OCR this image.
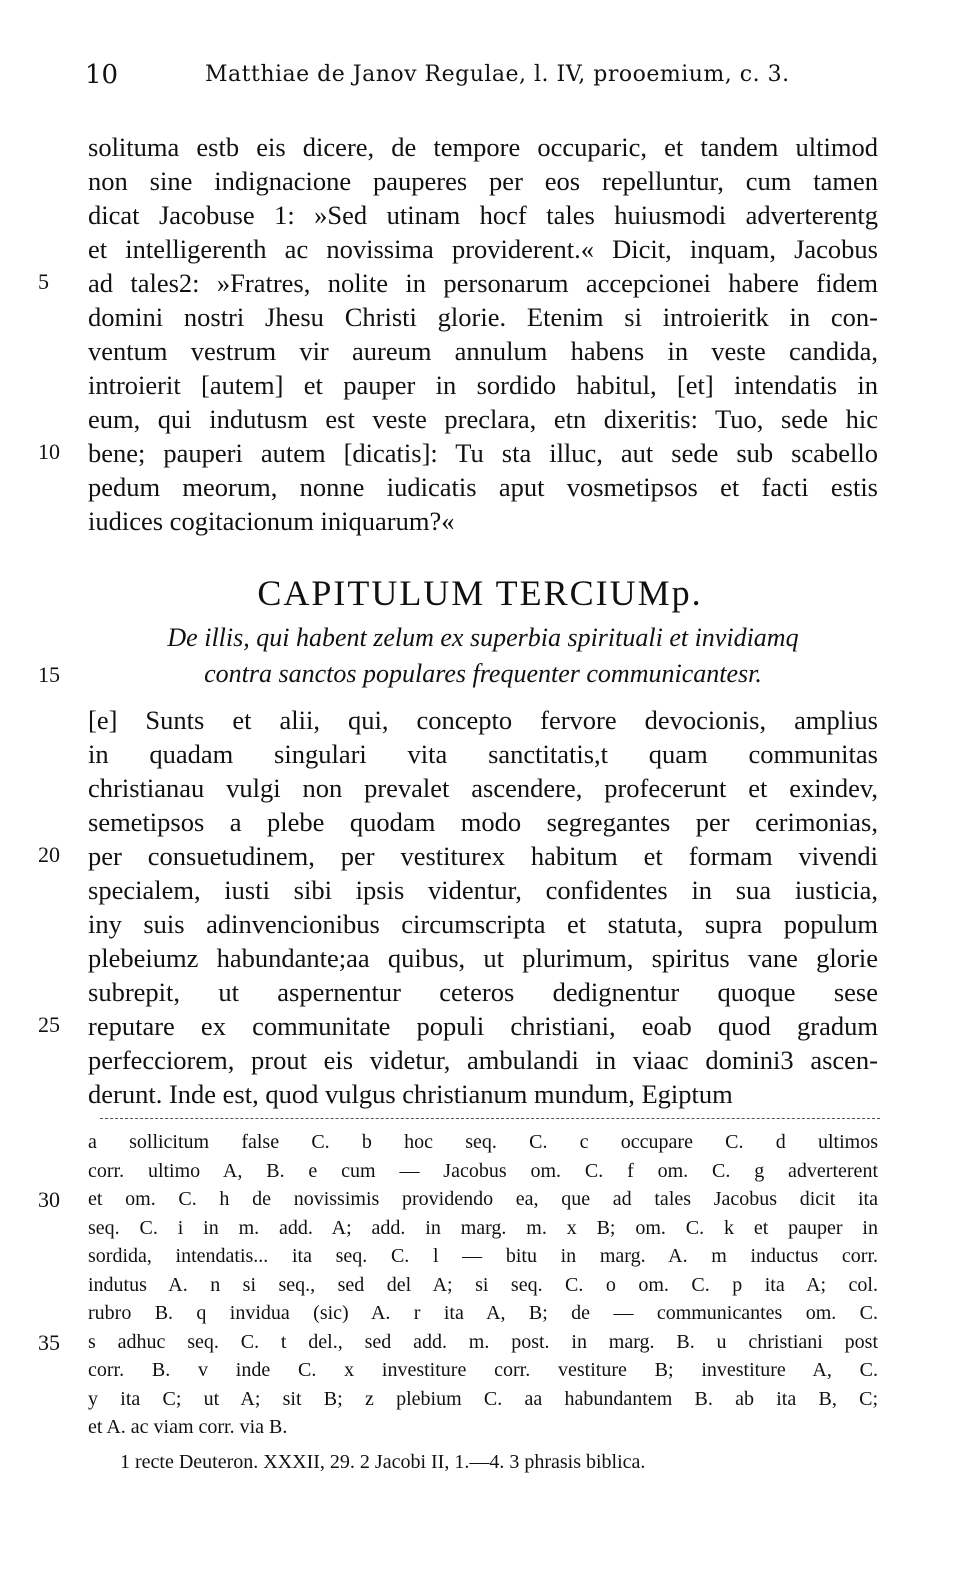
10	Matthiae de Janov Regulae, l. IV, prooemium, c. 3.
solituma estb eis dicere, de tempore occuparic, et tandem ultimod
non sine indignacione pauperes per eos repelluntur, cum tamen
dicat Jacobuse 1: »Sed utinam hocf tales huiusmodi adverterentg
et intelligerenth ac novissima providerent.« Dicit, inquam, Jacobus
ad tales2: »Fratres, nolite in personarum accepcionei habere fidem
5
domini nostri Jhesu Christi glorie. Etenim si introieritk in con-
ventum vestrum vir aureum annulum habens in veste candida,
introierit [autem] et pauper in sordido habitul, [et] intendatis in
eum, qui indutusm est veste preclara, etn dixeritis: Tuo, sede hic
bene; pauperi autem [dicatis]: Tu sta illuc, aut sede sub scabello
10
pedum meorum, nonne iudicatis aput vosmetipsos et facti estis
iudices cogitacionum iniquarum?«
CAPITULUM TERCIUMp.
De illis, qui habent zelum ex superbia spirituali et invidiamq
contra sanctos populares frequenter communicantesr.
15
[e] Sunts et alii, qui, concepto fervore devocionis, amplius
in quadam singulari vita sanctitatis,t quam communitas
christianau vulgi non prevalet ascendere, profecerunt et exindev,
semetipsos a plebe quodam modo segregantes per cerimonias,
per consuetudinem, per vestiturex habitum et formam vivendi
20
specialem, iusti sibi ipsis videntur, confidentes in sua iusticia,
iny suis adinvencionibus circumscripta et statuta, supra populum
plebeiumz habundante;aa quibus, ut plurimum, spiritus vane glorie
subrepit, ut aspernentur ceteros dedignentur quoque sese
reputare ex communitate populi christiani, eoab quod gradum
25
perfecciorem, prout eis videtur, ambulandi in viaac domini3 ascen-
derunt. Inde est, quod vulgus christianum mundum, Egiptum
a sollicitum false C. b hoc seq. C. c occupare C. d ultimos
corr. ultimo A, B. e cum — Jacobus om. C. f om. C. g adverterent
et om. C. h de novissimis providendo ea, que ad tales Jacobus dicit ita
30
seq. C. i in m. add. A; add. in marg. m. x B; om. C. k et pauper in
sordida, intendatis... ita seq. C. l — bitu in marg. A. m inductus corr.
indutus A. n si seq., sed del A; si seq. C. o om. C. p ita A; col.
rubro B. q invidua (sic) A. r ita A, B; de — communicantes om. C.
s adhuc seq. C. t del., sed add. m. post. in marg. B. u christiani post
35
corr. B. v inde C. x investiture corr. vestiture B; investiture A, C.
y ita C; ut A; sit B; z plebium C. aa habundantem B. ab ita B, C;
et A. ac viam corr. via B.
1 recte Deuteron. XXXII, 29. 2 Jacobi II, 1.—4. 3 phrasis biblica.
